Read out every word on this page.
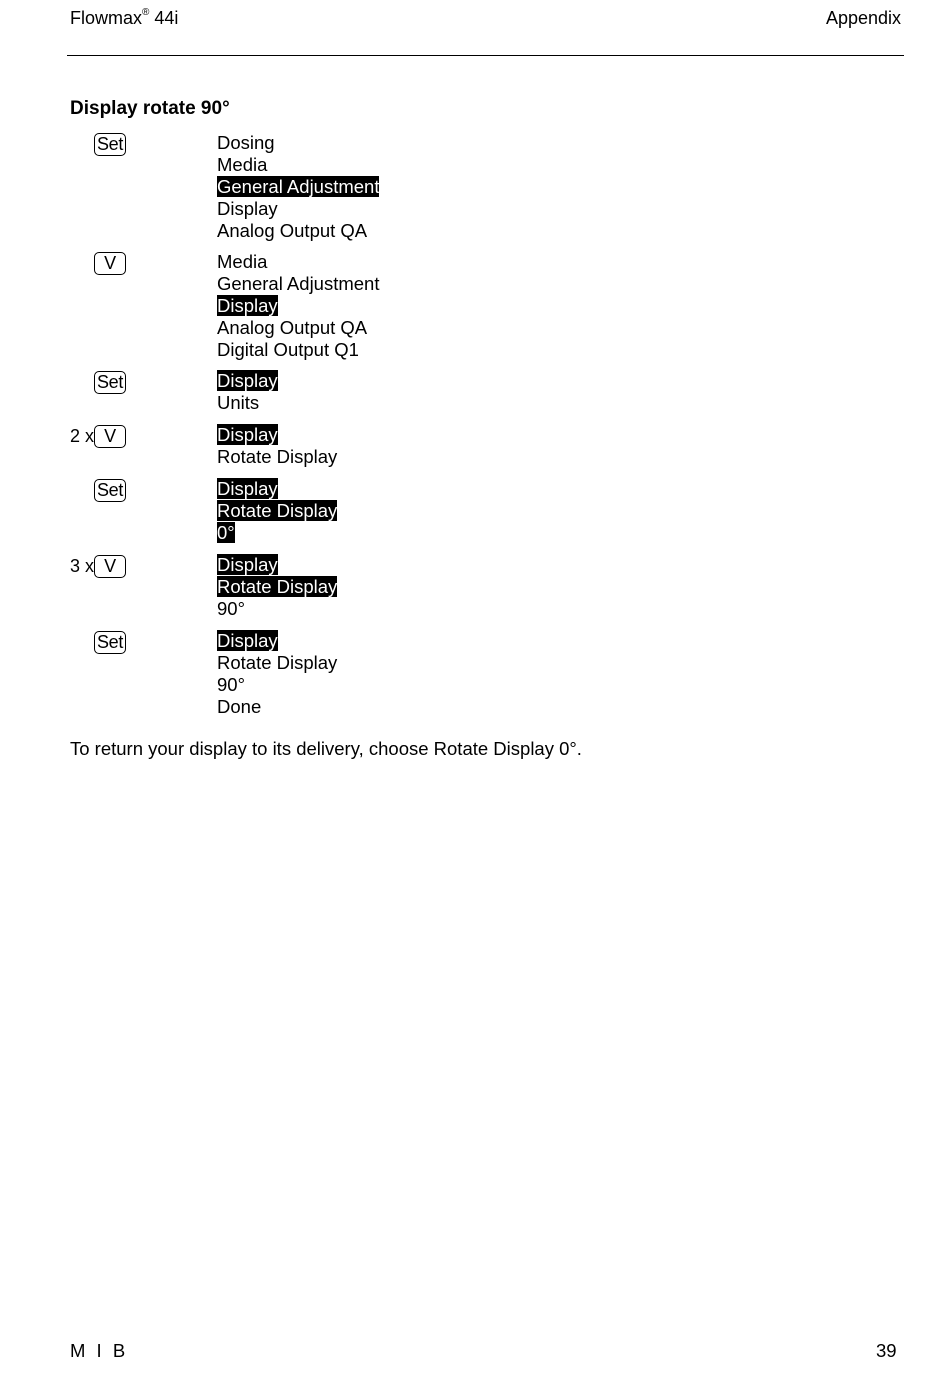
Flowmax® 44i	Appendix
Display rotate 90°
Set	Dosing
Media
General Adjustment
Display
Analog Output QA
V	Media
General Adjustment
Display
Analog Output QA
Digital Output Q1
Set	Display
Units
2 x V	Display
Rotate Display
Set	Display
Rotate Display
0°
3 x V	Display
Rotate Display
90°
Set	Display
Rotate Display
90°
Done
To return your display to its delivery, choose Rotate Display 0°.
M I B	39
